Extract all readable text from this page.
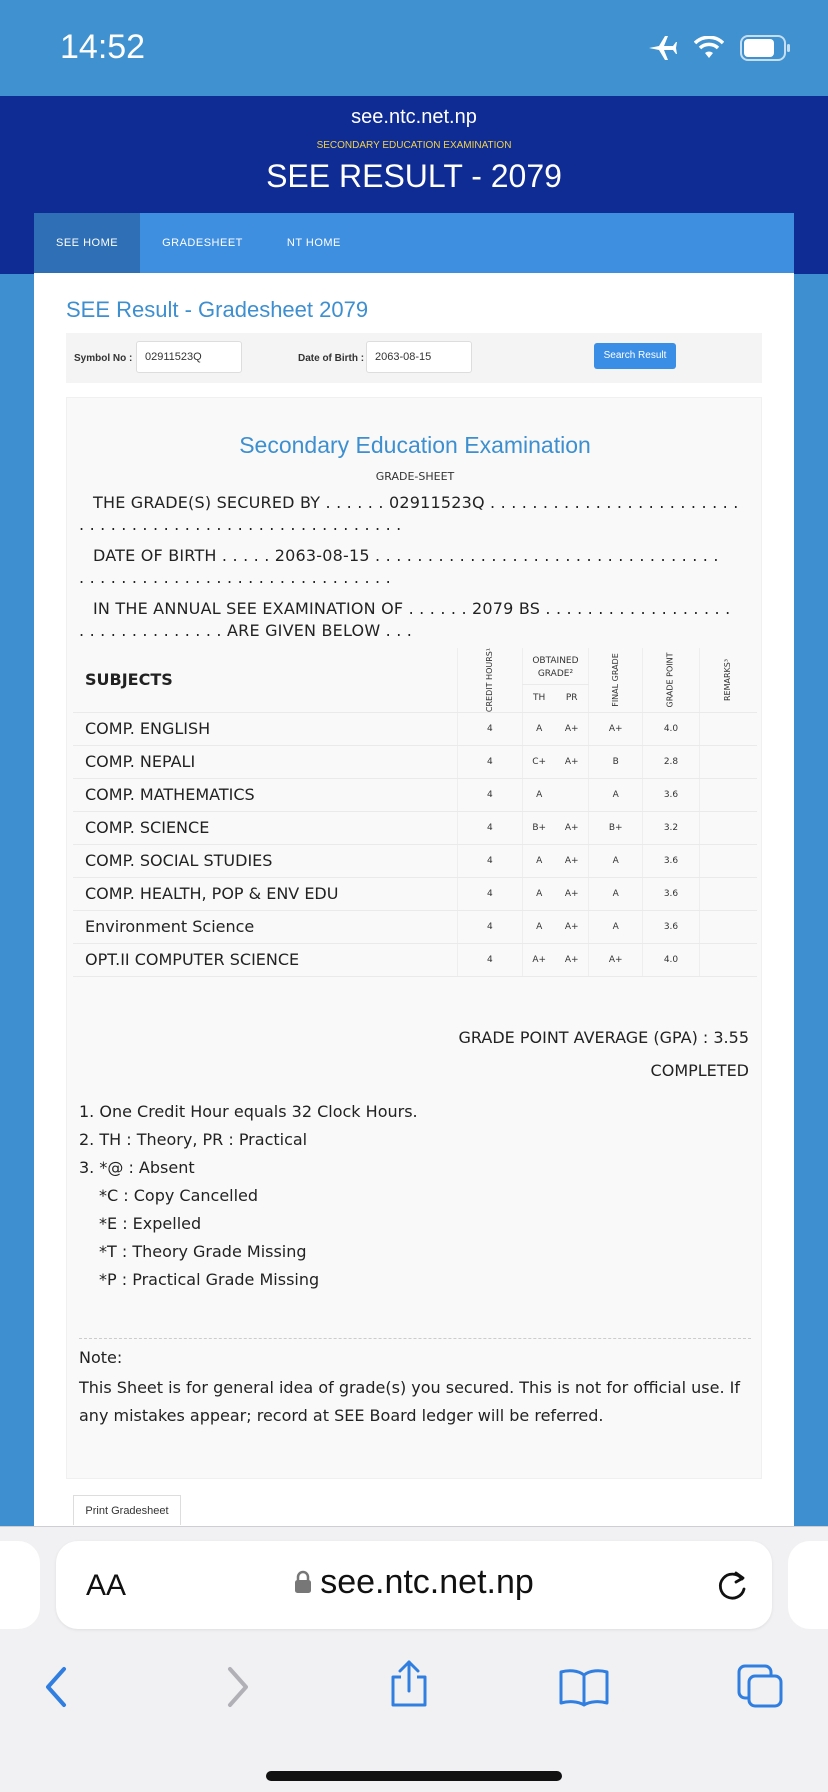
14:52
see.ntc.net.np
SECONDARY EDUCATION EXAMINATION
SEE RESULT - 2079
SEE Result - Gradesheet 2079
Symbol No :	02911523Q	Date of Birth : 2063-08-15	Search Result
Secondary Education Examination
GRADE-SHEET
THE GRADE(S) SECURED BY . . . . . . 02911523Q . . . . . . . . . . . . . . . . . . . . . . . .
. . . . . . . . . . . . . . . . . . . . . . . . . . . . . . .
DATE OF BIRTH . . . . . 2063-08-15 . . . . . . . . . . . . . . . . . . . . . . . . . . . . . . . . .
. . . . . . . . . . . . . . . . . . . . . . . . . . . . . .
IN THE ANNUAL SEE EXAMINATION OF . . . . . . 2079 BS . . . . . . . . . . . . . . . . . .
. . . . . . . . . . . . . . ARE GIVEN BELOW . . .
SUBJECTS	CREDIT HOURS¹	OBTAINED GRADE²		FINAL GRADE	GRADE POINT	REMARKS³
		TH	PR			
COMP. ENGLISH	4	A	A+	A+	4.0	
COMP. NEPALI	4	C+	A+	B	2.8	
COMP. MATHEMATICS	4	A		A	3.6	
COMP. SCIENCE	4	B+	A+	B+	3.2	
COMP. SOCIAL STUDIES	4	A	A+	A	3.6	
COMP. HEALTH, POP & ENV EDU	4	A	A+	A	3.6	
Environment Science	4	A	A+	A	3.6	
OPT.II COMPUTER SCIENCE	4	A+	A+	A+	4.0	
GRADE POINT AVERAGE (GPA) : 3.55
COMPLETED
1. One Credit Hour equals 32 Clock Hours.
2. TH : Theory, PR : Practical
3. *@ : Absent
*C : Copy Cancelled
*E : Expelled
*T : Theory Grade Missing
*P : Practical Grade Missing
Note:
This Sheet is for general idea of grade(s) you secured. This is not for official use. If any mistakes appear; record at SEE Board ledger will be referred.
Print Gradesheet
SEE HOME	GRADESHEET	NT HOME
AA	see.ntc.net.np
